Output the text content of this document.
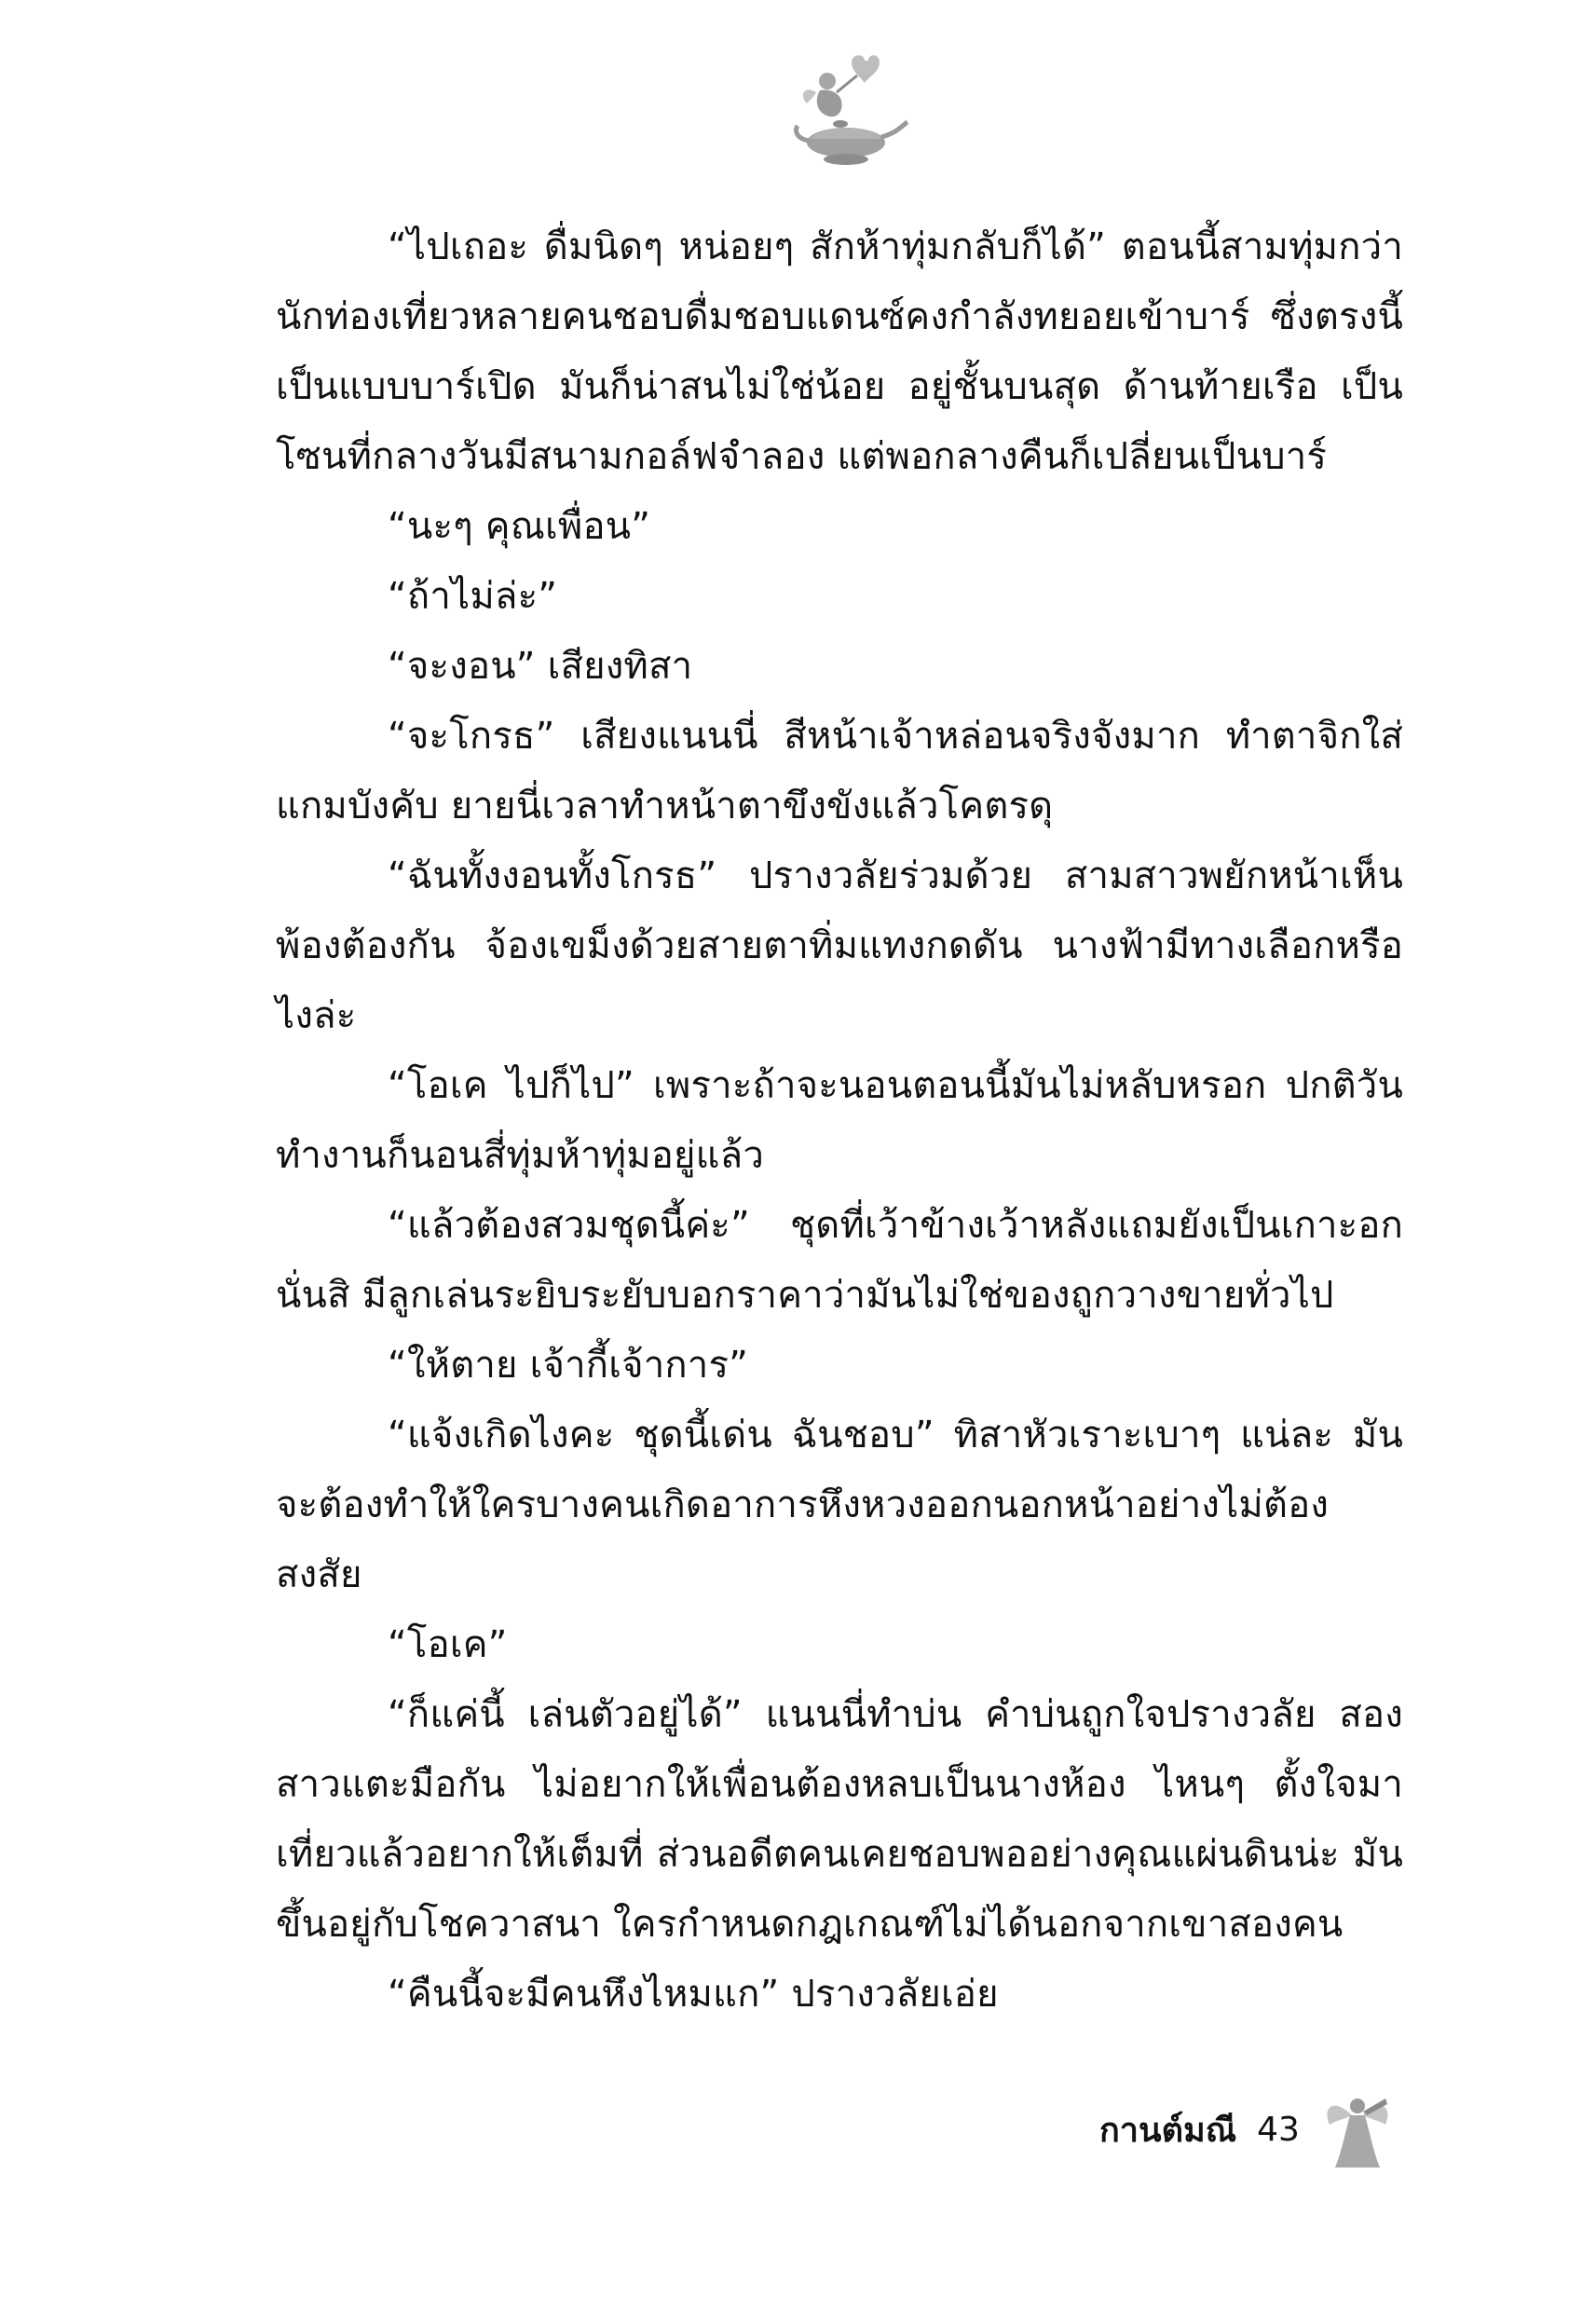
“ไปเถอะ ดื่มนิดๆ หน่อยๆ สักห้าทุ่มกลับก็ได้” ตอนนี้สามทุ่มกว่า นักท่องเที่ยวหลายคนชอบดื่มชอบแดนซ์คงกำลังทยอยเข้าบาร์ ซึ่งตรงนี้เป็นแบบบาร์เปิด มันก็น่าสนไม่ใช่น้อย อยู่ชั้นบนสุด ด้านท้ายเรือ เป็นโซนที่กลางวันมีสนามกอล์ฟจำลอง แต่พอกลางคืนก็เปลี่ยนเป็นบาร์

“นะๆ คุณเพื่อน”

“ถ้าไม่ล่ะ”

“จะงอน” เสียงทิสา

“จะโกรธ” เสียงแนนนี่ สีหน้าเจ้าหล่อนจริงจังมาก ทำตาจิกใส่แกมบังคับ ยายนี่เวลาทำหน้าตาขึงขังแล้วโคตรดุ

“ฉันทั้งงอนทั้งโกรธ” ปรางวลัยร่วมด้วย สามสาวพยักหน้าเห็นพ้องต้องกัน จ้องเขม็งด้วยสายตาทิ่มแทงกดดัน นางฟ้ามีทางเลือกหรือไงล่ะ

“โอเค ไปก็ไป” เพราะถ้าจะนอนตอนนี้มันไม่หลับหรอก ปกติวันทำงานก็นอนสี่ทุ่มห้าทุ่มอยู่แล้ว

“แล้วต้องสวมชุดนี้ค่ะ” ชุดที่เว้าข้างเว้าหลังแถมยังเป็นเกาะอกนั่นสิ มีลูกเล่นระยิบระยับบอกราคาว่ามันไม่ใช่ของถูกวางขายทั่วไป

“ให้ตาย เจ้ากี้เจ้าการ”

“แจ้งเกิดไงคะ ชุดนี้เด่น ฉันชอบ” ทิสาหัวเราะเบาๆ แน่ละ มันจะต้องทำให้ใครบางคนเกิดอาการหึงหวงออกนอกหน้าอย่างไม่ต้องสงสัย

“โอเค”

“ก็แค่นี้ เล่นตัวอยู่ได้” แนนนี่ทำบ่น คำบ่นถูกใจปรางวลัย สองสาวแตะมือกัน ไม่อยากให้เพื่อนต้องหลบเป็นนางห้อง ไหนๆ ตั้งใจมาเที่ยวแล้วอยากให้เต็มที่ ส่วนอดีตคนเคยชอบพออย่างคุณแผ่นดินน่ะ มันขึ้นอยู่กับโชควาสนา ใครกำหนดกฎเกณฑ์ไม่ได้นอกจากเขาสองคน

“คืนนี้จะมีคนหึงไหมแก” ปรางวลัยเอ่ย

กานต์มณี 43
